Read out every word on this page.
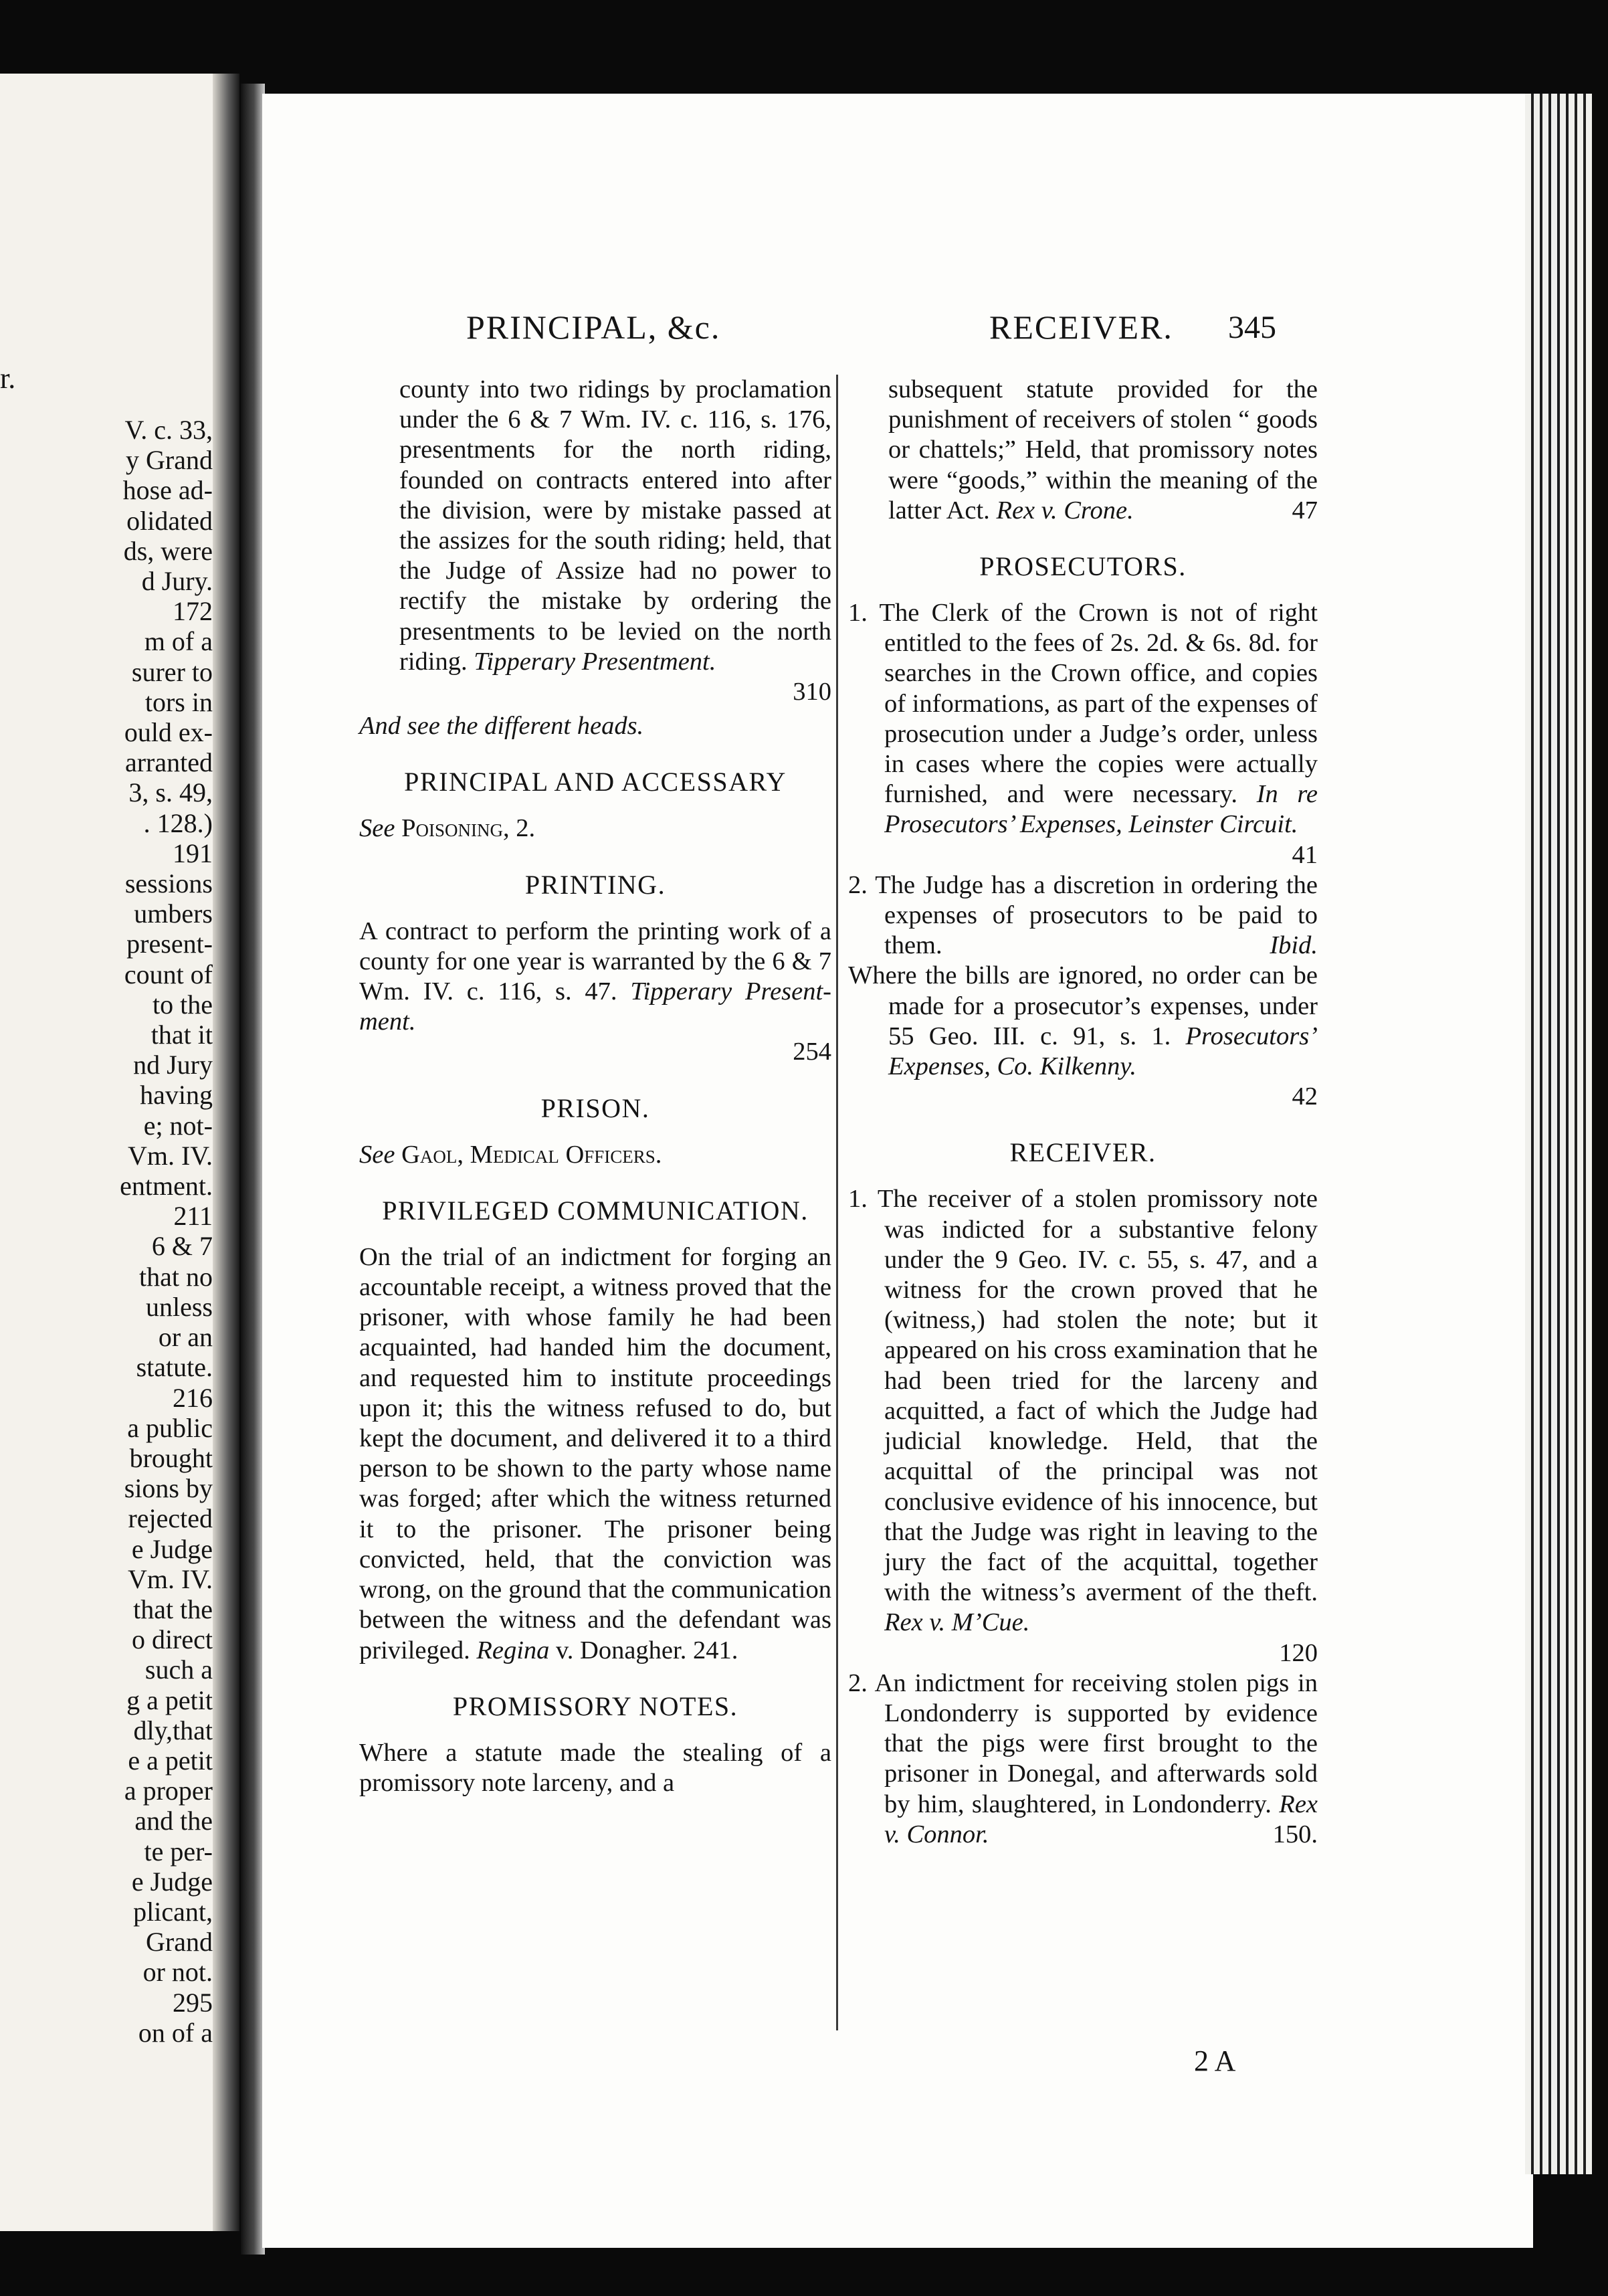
r.
V. c. 33,
y Grand
hose ad-
olidated
ds, were
d Jury.
172
m of a
surer to
tors in
ould ex-
arranted
3, s. 49,
. 128.)
191
sessions
umbers
present-
count of
to the
that it
nd Jury
having
e; not-
Vm. IV.
entment.
211
6 & 7
that no
unless
or an
statute.
216
a public
brought
sions by
rejected
e Judge
Vm. IV.
that the
o direct
such a
g a petit
dly,that
e a petit
a proper
and the
te per-
e Judge
plicant,
Grand
or not.
295
on of a
PRINCIPAL, &c.	RECEIVER. 345

county into two ridings by proclamation under the 6 & 7 Wm. IV. c. 116, s. 176, presentments for the north riding, founded on contracts entered into after the division, were by mistake passed at the assizes for the south riding; held, that the Judge of Assize had no power to rectify the mistake by ordering the presentments to be levied on the north riding. Tipperary Presentment.
310

And see the different heads.

PRINCIPAL AND ACCESSARY

See Poisoning, 2.

PRINTING.

A contract to perform the printing work of a county for one year is warranted by the 6 & 7 Wm. IV. c. 116, s. 47. Tipperary Presentment.
254

PRISON.

See Gaol, Medical Officers.

PRIVILEGED COMMUNICATION.

On the trial of an indictment for forging an accountable receipt, a witness proved that the prisoner, with whose family he had been acquainted, had handed him the document, and requested him to institute proceedings upon it; this the witness refused to do, but kept the document, and delivered it to a third person to be shown to the party whose name was forged; after which the witness returned it to the prisoner. The prisoner being convicted, held, that the conviction was wrong, on the ground that the communication between the witness and the defendant was privileged. Regina v. Donagher. 241.

PROMISSORY NOTES.

Where a statute made the stealing of a promissory note larceny, and a

subsequent statute provided for the punishment of receivers of stolen “ goods or chattels;” Held, that promissory notes were “goods,” within the meaning of the latter Act. Rex v. Crone.	47

PROSECUTORS.

1. The Clerk of the Crown is not of right entitled to the fees of 2s. 2d. & 6s. 8d. for searches in the Crown office, and copies of informations, as part of the expenses of prosecution under a Judge’s order, unless in cases where the copies were actually furnished, and were necessary. In re Prosecutors’ Expenses, Leinster Circuit.
41

2. The Judge has a discretion in ordering the expenses of prosecutors to be paid to them.	Ibid.

Where the bills are ignored, no order can be made for a prosecutor’s expenses, under 55 Geo. III. c. 91, s. 1. Prosecutors’ Expenses, Co. Kilkenny.
42

RECEIVER.

1. The receiver of a stolen promissory note was indicted for a substantive felony under the 9 Geo. IV. c. 55, s. 47, and a witness for the crown proved that he (witness,) had stolen the note; but it appeared on his cross examination that he had been tried for the larceny and acquitted, a fact of which the Judge had judicial knowledge. Held, that the acquittal of the principal was not conclusive evidence of his innocence, but that the Judge was right in leaving to the jury the fact of the acquittal, together with the witness’s averment of the theft. Rex v. M’Cue.
120

2. An indictment for receiving stolen pigs in Londonderry is supported by evidence that the pigs were first brought to the prisoner in Donegal, and afterwards sold by him, slaughtered, in Londonderry. Rex v. Connor.	150.

2 A
